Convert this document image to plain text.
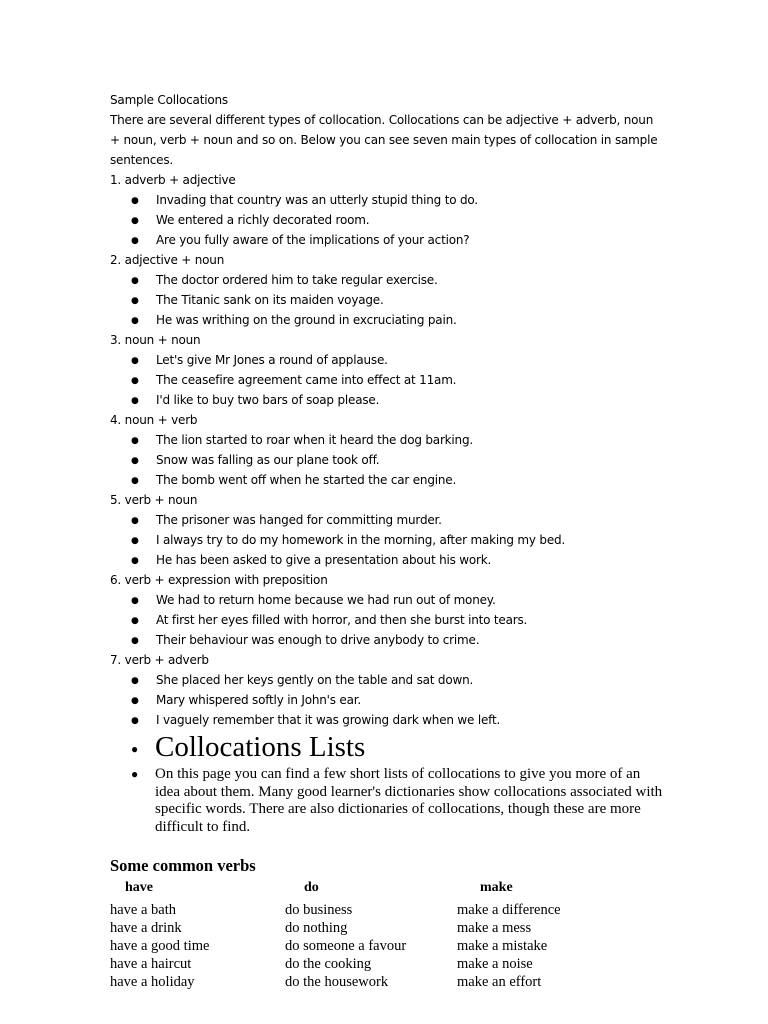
Sample Collocations
There are several different types of collocation. Collocations can be adjective + adverb, noun + noun, verb + noun and so on. Below you can see seven main types of collocation in sample sentences.
1. adverb + adjective
● Invading that country was an utterly stupid thing to do.
● We entered a richly decorated room.
● Are you fully aware of the implications of your action?
2. adjective + noun
● The doctor ordered him to take regular exercise.
● The Titanic sank on its maiden voyage.
● He was writhing on the ground in excruciating pain.
3. noun + noun
● Let's give Mr Jones a round of applause.
● The ceasefire agreement came into effect at 11am.
● I'd like to buy two bars of soap please.
4. noun + verb
● The lion started to roar when it heard the dog barking.
● Snow was falling as our plane took off.
● The bomb went off when he started the car engine.
5. verb + noun
● The prisoner was hanged for committing murder.
● I always try to do my homework in the morning, after making my bed.
● He has been asked to give a presentation about his work.
6. verb + expression with preposition
● We had to return home because we had run out of money.
● At first her eyes filled with horror, and then she burst into tears.
● Their behaviour was enough to drive anybody to crime.
7. verb + adverb
● She placed her keys gently on the table and sat down.
● Mary whispered softly in John's ear.
● I vaguely remember that it was growing dark when we left.
● Collocations Lists
● On this page you can find a few short lists of collocations to give you more of an idea about them. Many good learner's dictionaries show collocations associated with specific words. There are also dictionaries of collocations, though these are more difficult to find.
Some common verbs
have	do	make
have a bath	do business	make a difference
have a drink	do nothing	make a mess
have a good time	do someone a favour	make a mistake
have a haircut	do the cooking	make a noise
have a holiday	do the housework	make an effort
